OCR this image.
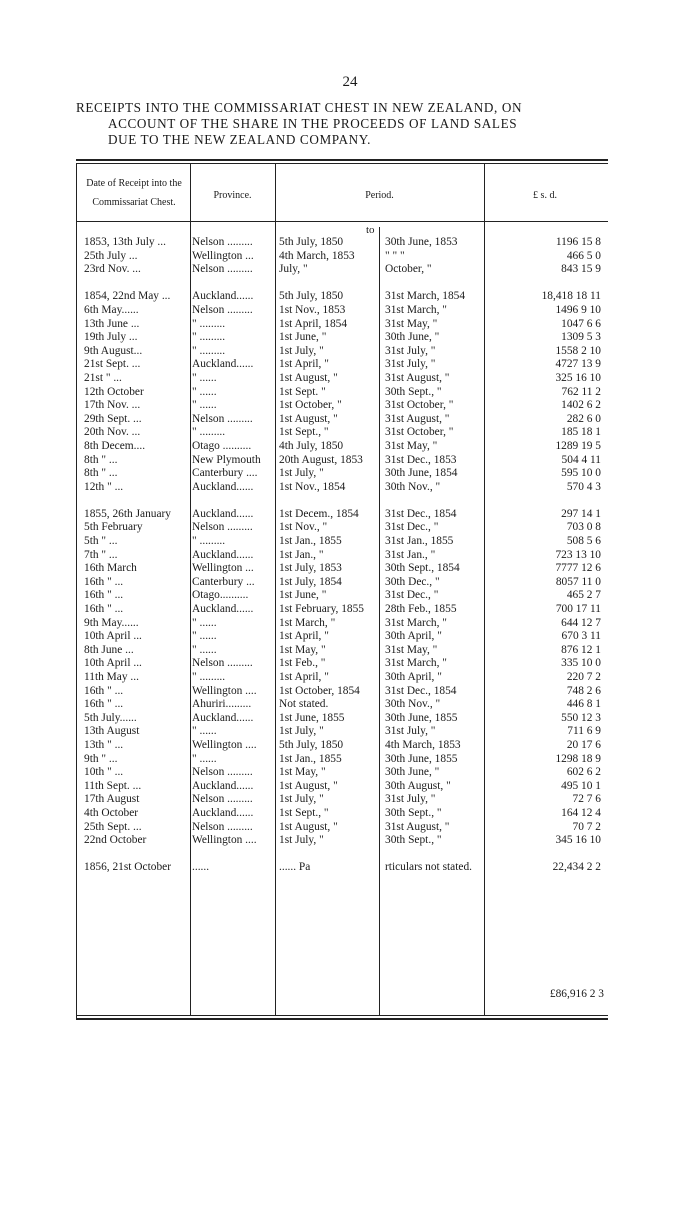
24
RECEIPTS INTO THE COMMISSARIAT CHEST IN NEW ZEALAND, ON
ACCOUNT OF THE SHARE IN THE PROCEEDS OF LAND SALES
DUE TO THE NEW ZEALAND COMPANY.
Date of Receipt into the Commissariat Chest.
Province.	Period.	£ s. d.
to
1853, 13th July ...	Nelson .........	5th July, 1850	30th June, 1853	1196 15 8
25th July ...	Wellington ...	4th March, 1853	" " "	466 5 0
23rd Nov. ...	Nelson .........	July, "	October, "	843 15 9
1854, 22nd May ...	Auckland......	5th July, 1850	31st March, 1854	18,418 18 11
6th May......	Nelson .........	1st Nov., 1853	31st March, "	1496 9 10
13th June ...	" .........	1st April, 1854	31st May, "	1047 6 6
19th July ...	" .........	1st June, "	30th June, "	1309 5 3
9th August...	" .........	1st July, "	31st July, "	1558 2 10
21st Sept. ...	Auckland......	1st April, "	31st July, "	4727 13 9
21st " ...	" ......	1st August, "	31st August, "	325 16 10
12th October	" ......	1st Sept. "	30th Sept., "	762 11 2
17th Nov. ...	" ......	1st October, "	31st October, "	1402 6 2
29th Sept. ...	Nelson .........	1st August, "	31st August, "	282 6 0
20th Nov. ...	" .........	1st Sept., "	31st October, "	185 18 1
8th Decem....	Otago ..........	4th July, 1850	31st May, "	1289 19 5
8th " ...	New Plymouth	20th August, 1853	31st Dec., 1853	504 4 11
8th " ...	Canterbury ....	1st July, "	30th June, 1854	595 10 0
12th " ...	Auckland......	1st Nov., 1854	30th Nov., "	570 4 3
1855, 26th January	Auckland......	1st Decem., 1854	31st Dec., 1854	297 14 1
5th February	Nelson .........	1st Nov., "	31st Dec., "	703 0 8
5th " ...	" .........	1st Jan., 1855	31st Jan., 1855	508 5 6
7th " ...	Auckland......	1st Jan., "	31st Jan., "	723 13 10
16th March	Wellington ...	1st July, 1853	30th Sept., 1854	7777 12 6
16th " ...	Canterbury ...	1st July, 1854	30th Dec., "	8057 11 0
16th " ...	Otago..........	1st June, "	31st Dec., "	465 2 7
16th " ...	Auckland......	1st February, 1855	28th Feb., 1855	700 17 11
9th May......	" ......	1st March, "	31st March, "	644 12 7
10th April ...	" ......	1st April, "	30th April, "	670 3 11
8th June ...	" ......	1st May, "	31st May, "	876 12 1
10th April ...	Nelson .........	1st Feb., "	31st March, "	335 10 0
11th May ...	" .........	1st April, "	30th April, "	220 7 2
16th " ...	Wellington ....	1st October, 1854	31st Dec., 1854	748 2 6
16th " ...	Ahuriri.........	Not stated.	30th Nov., "	446 8 1
5th July......	Auckland......	1st June, 1855	30th June, 1855	550 12 3
13th August	" ......	1st July, "	31st July, "	711 6 9
13th " ...	Wellington ....	5th July, 1850	4th March, 1853	20 17 6
9th " ...	" ......	1st Jan., 1855	30th June, 1855	1298 18 9
10th " ...	Nelson .........	1st May, "	30th June, "	602 6 2
11th Sept. ...	Auckland......	1st August, "	30th August, "	495 10 1
17th August	Nelson .........	1st July, "	31st July, "	72 7 6
4th October	Auckland......	1st Sept., "	30th Sept., "	164 12 4
25th Sept. ...	Nelson .........	1st August, "	31st August, "	70 7 2
22nd October	Wellington ....	1st July, "	30th Sept., "	345 16 10
1856, 21st October	......	...... Pa	rticulars not stated.	22,434 2 2
£86,916 2 3
